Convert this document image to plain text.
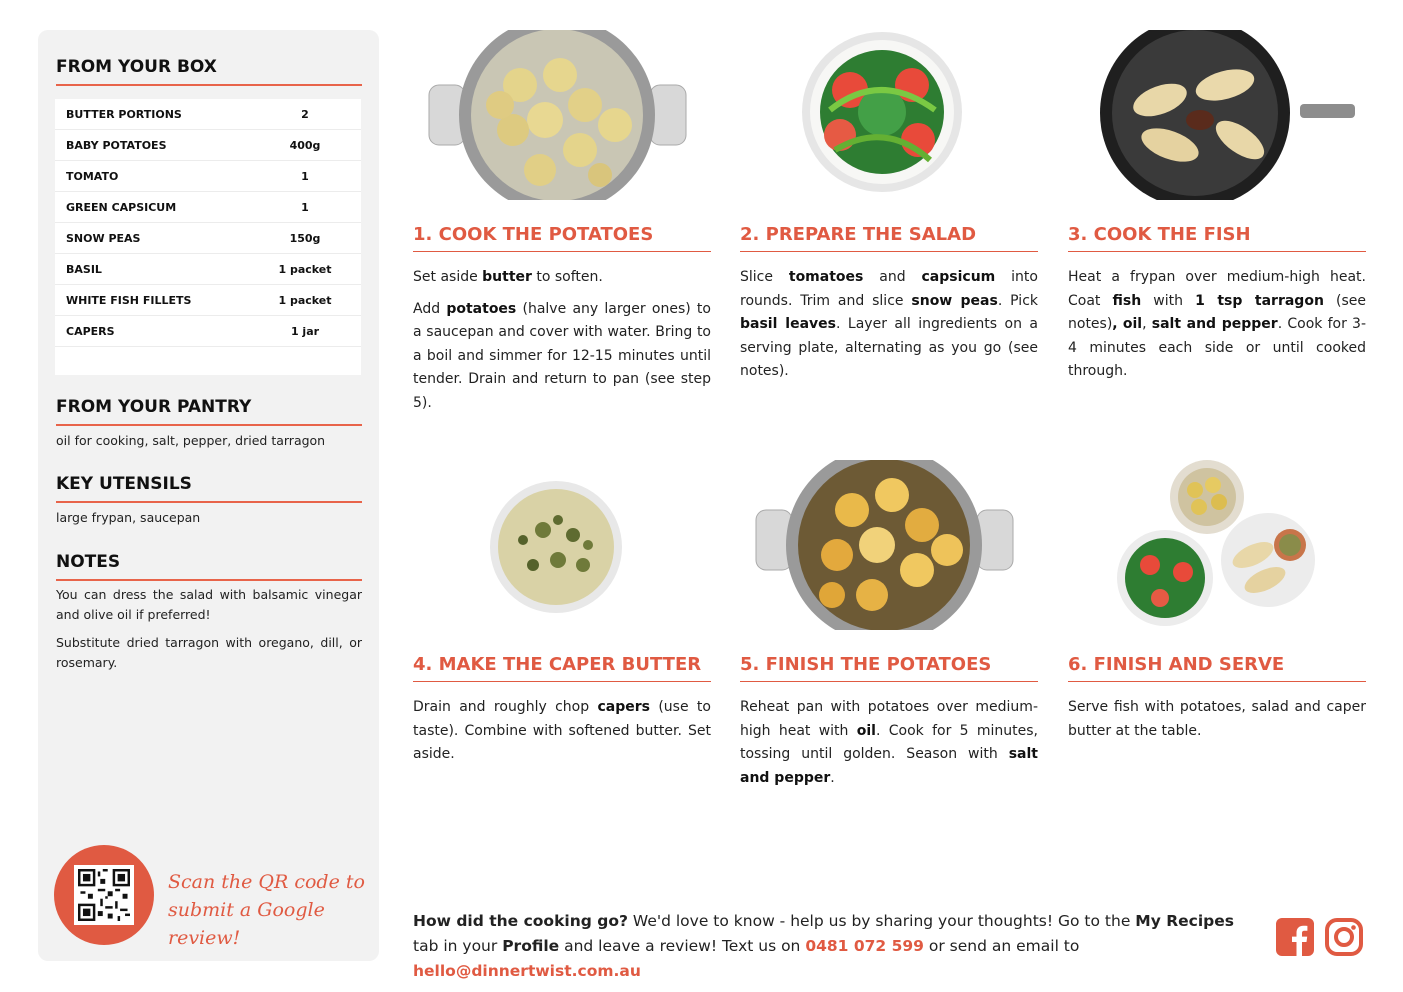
FROM YOUR BOX
BUTTER PORTIONS	2
BABY POTATOES	400g
TOMATO	1
GREEN CAPSICUM	1
SNOW PEAS	150g
BASIL	1 packet
WHITE FISH FILLETS	1 packet
CAPERS	1 jar
FROM YOUR PANTRY
oil for cooking, salt, pepper, dried tarragon
KEY UTENSILS
large frypan, saucepan
NOTES

You can dress the salad with balsamic vinegar and olive oil if preferred!

Substitute dried tarragon with oregano, dill, or rosemary.

Scan the QR code to
submit a Google review!
1. COOK THE POTATOES

Set aside butter to soften.

Add potatoes (halve any larger ones) to a saucepan and cover with water. Bring to a boil and simmer for 12-15 minutes until tender. Drain and return to pan (see step 5).

2. PREPARE THE SALAD

Slice tomatoes and capsicum into rounds. Trim and slice snow peas. Pick basil leaves. Layer all ingredients on a serving plate, alternating as you go (see notes).

3. COOK THE FISH

Heat a frypan over medium-high heat. Coat fish with 1 tsp tarragon (see notes), oil, salt and pepper. Cook for 3-4 minutes each side or until cooked through.

4. MAKE THE CAPER BUTTER

Drain and roughly chop capers (use to taste). Combine with softened butter. Set aside.

5. FINISH THE POTATOES

Reheat pan with potatoes over medium-high heat with oil. Cook for 5 minutes, tossing until golden. Season with salt and pepper.

6. FINISH AND SERVE

Serve fish with potatoes, salad and caper butter at the table.

How did the cooking go? We'd love to know - help us by sharing your thoughts! Go to the My Recipes tab in your Profile and leave a review! Text us on 0481 072 599 or send an email to hello@dinnertwist.com.au
